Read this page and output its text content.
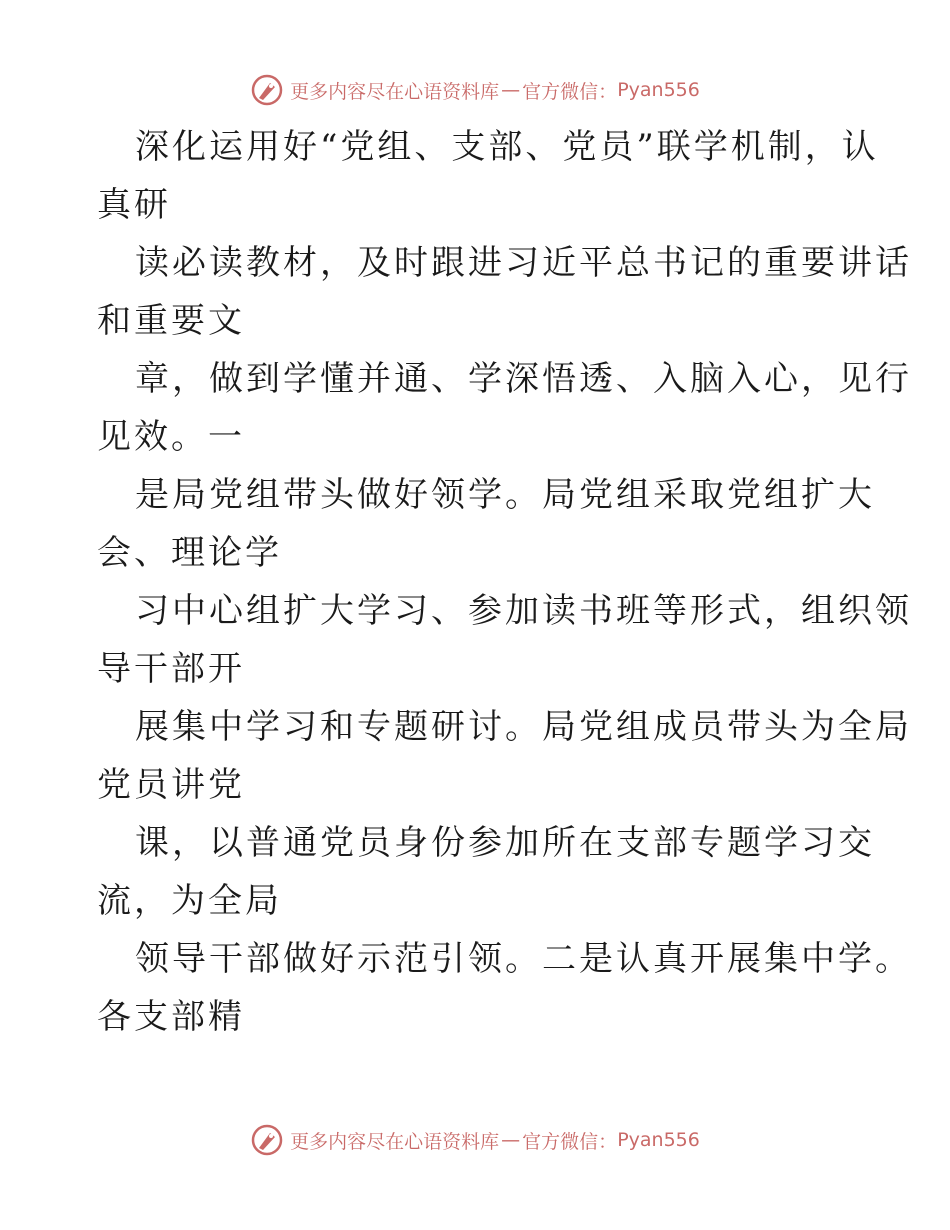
更多内容尽在心语资料库 — 官方微信： Pyan556
深化运用好“党组、支部、党员”联学机制，认
真研
读必读教材，及时跟进习近平总书记的重要讲话
和重要文
章，做到学懂并通、学深悟透、入脑入心，见行
见效。一
是局党组带头做好领学。局党组采取党组扩大
会、理论学
习中心组扩大学习、参加读书班等形式，组织领
导干部开
展集中学习和专题研讨。局党组成员带头为全局
党员讲党
课，以普通党员身份参加所在支部专题学习交
流，为全局
领导干部做好示范引领。二是认真开展集中学。
各支部精
更多内容尽在心语资料库 — 官方微信： Pyan556
